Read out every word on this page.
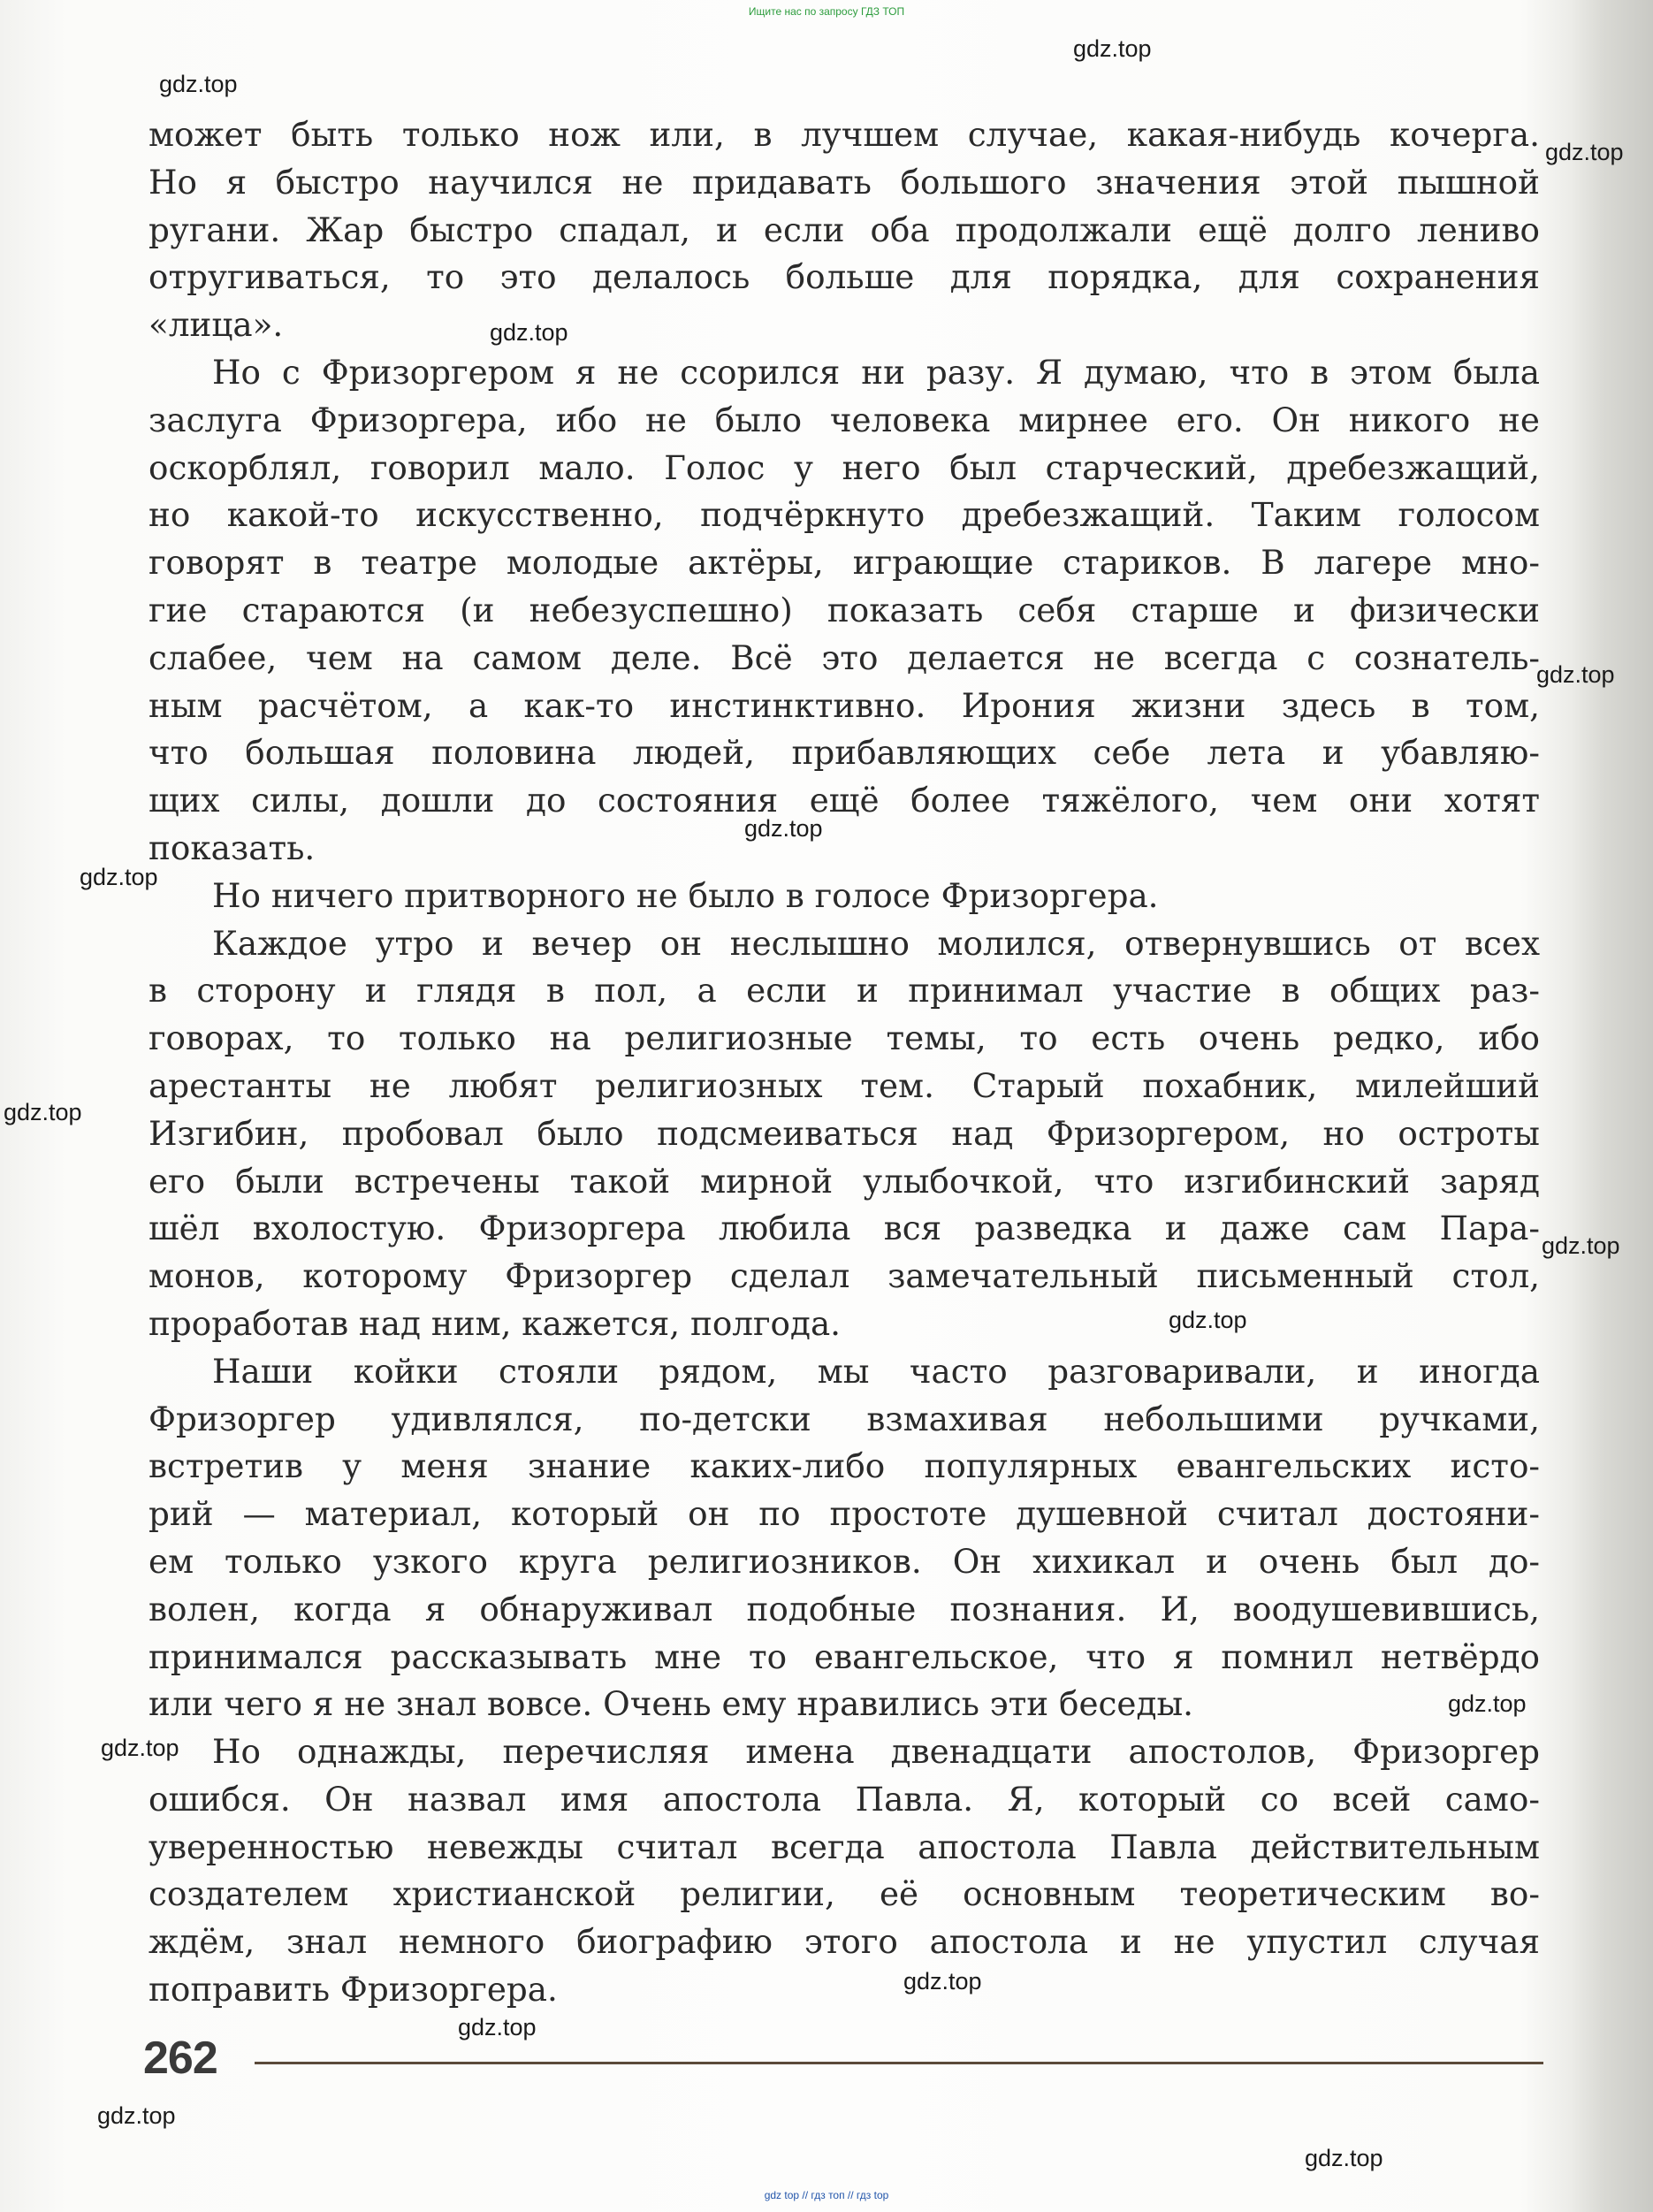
Ищите нас по запросу ГДЗ ТОП
gdz.top
gdz.top
gdz.top
gdz.top
gdz.top
gdz.top
gdz.top
gdz.top
gdz.top
gdz.top
gdz.top
gdz.top
gdz.top
gdz.top
gdz.top
gdz.top

может быть только нож или, в лучшем случае, какая-нибудь кочерга.
Но я быстро научился не придавать большого значения этой пышной
ругани. Жар быстро спадал, и если оба продолжали ещё долго лениво
отругиваться, то это делалось больше для порядка, для сохранения
«лица».

Но с Фризоргером я не ссорился ни разу. Я думаю, что в этом была
заслуга Фризоргера, ибо не было человека мирнее его. Он никого не
оскорблял, говорил мало. Голос у него был старческий, дребезжащий,
но какой-то искусственно, подчёркнуто дребезжащий. Таким голосом
говорят в театре молодые актёры, играющие стариков. В лагере мно-
гие стараются (и небезуспешно) показать себя старше и физически
слабее, чем на самом деле. Всё это делается не всегда с сознатель-
ным расчётом, а как-то инстинктивно. Ирония жизни здесь в том,
что большая половина людей, прибавляющих себе лета и убавляю-
щих силы, дошли до состояния ещё более тяжёлого, чем они хотят
показать.

Но ничего притворного не было в голосе Фризоргера.

Каждое утро и вечер он неслышно молился, отвернувшись от всех
в сторону и глядя в пол, а если и принимал участие в общих раз-
говорах, то только на религиозные темы, то есть очень редко, ибо
арестанты не любят религиозных тем. Старый похабник, милейший
Изгибин, пробовал было подсмеиваться над Фризоргером, но остроты
его были встречены такой мирной улыбочкой, что изгибинский заряд
шёл вхолостую. Фризоргера любила вся разведка и даже сам Пара-
монов, которому Фризоргер сделал замечательный письменный стол,
проработав над ним, кажется, полгода.

Наши койки стояли рядом, мы часто разговаривали, и иногда
Фризоргер удивлялся, по-детски взмахивая небольшими ручками,
встретив у меня знание каких-либо популярных евангельских исто-
рий — материал, который он по простоте душевной считал достояни-
ем только узкого круга религиозников. Он хихикал и очень был до-
волен, когда я обнаруживал подобные познания. И, воодушевившись,
принимался рассказывать мне то евангельское, что я помнил нетвёрдо
или чего я не знал вовсе. Очень ему нравились эти беседы.

Но однажды, перечисляя имена двенадцати апостолов, Фризоргер
ошибся. Он назвал имя апостола Павла. Я, который со всей само-
уверенностью невежды считал всегда апостола Павла действительным
создателем христианской религии, её основным теоретическим во-
ждём, знал немного биографию этого апостола и не упустил случая
поправить Фризоргера.

262
gdz top // гдз топ // гдз top
